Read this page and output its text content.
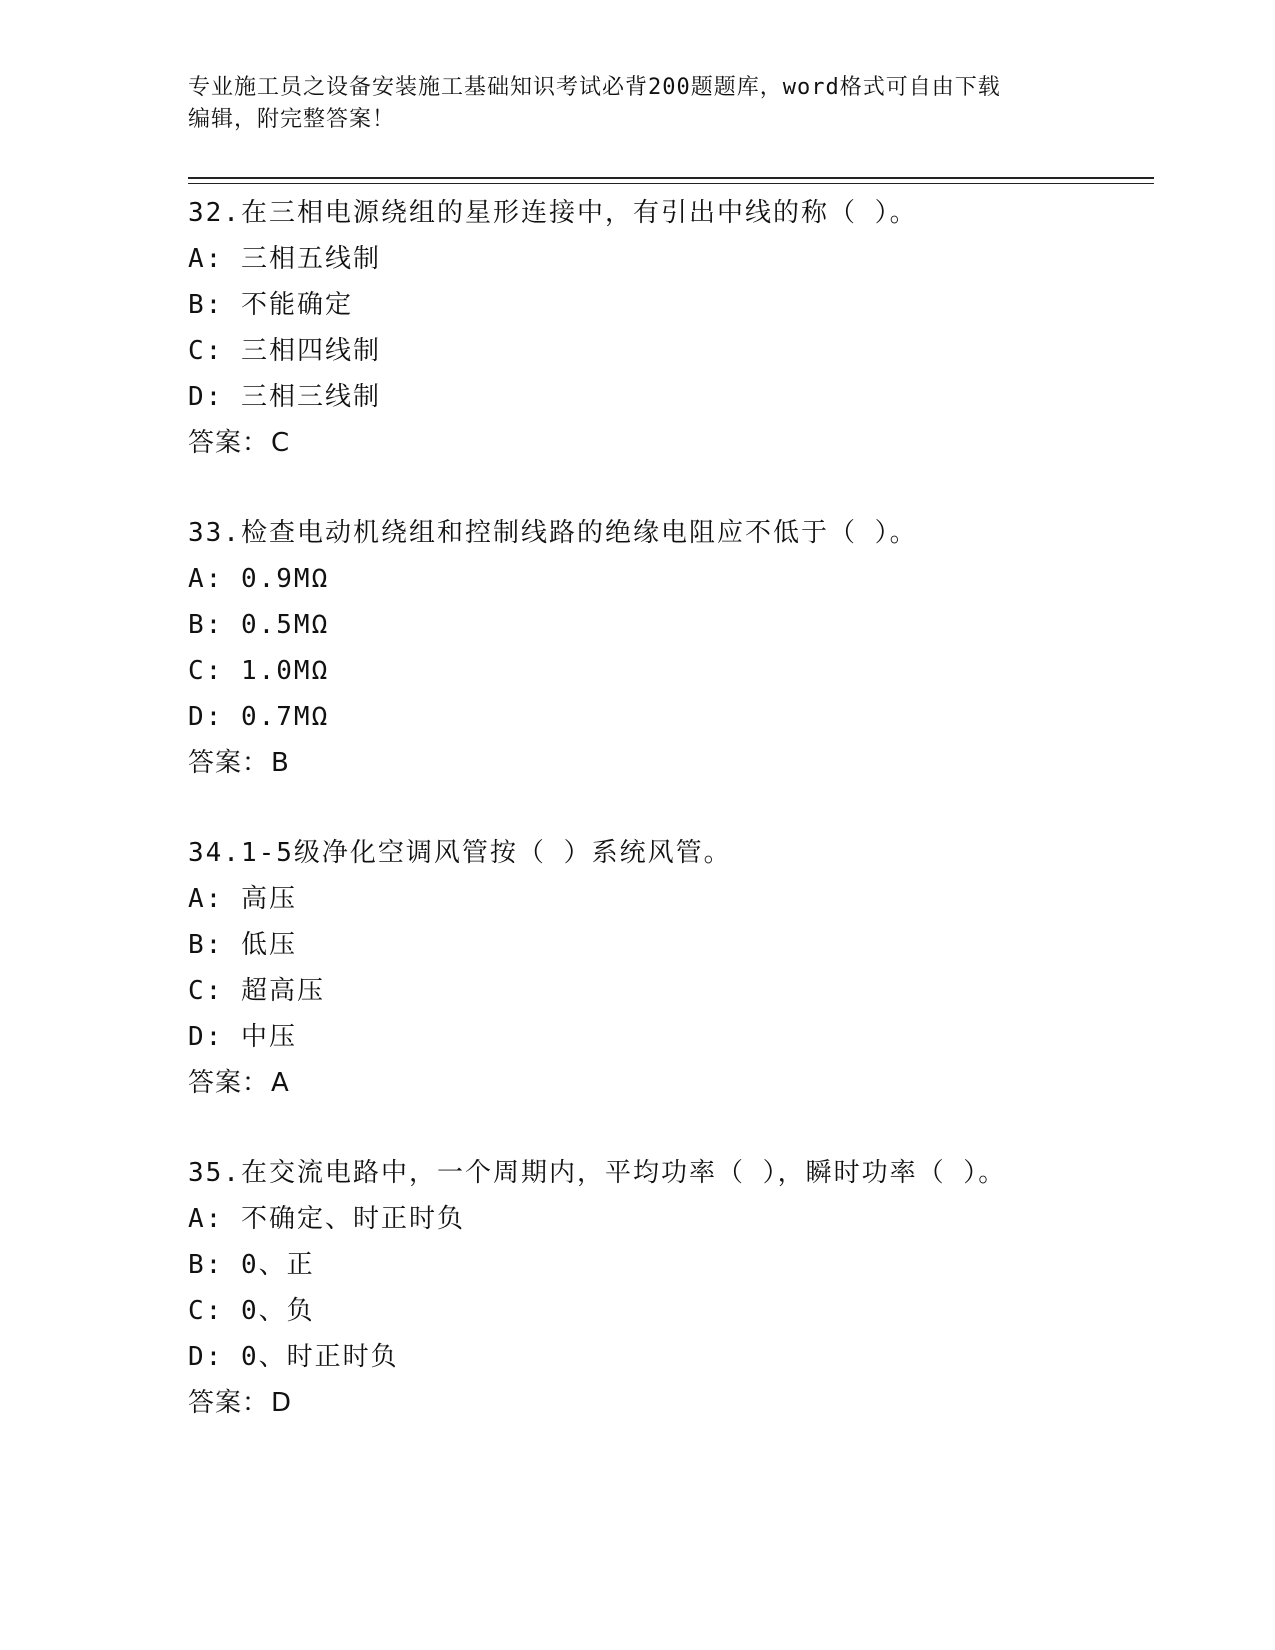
专业施工员之设备安装施工基础知识考试必背200题题库，word格式可自由下载
编辑，附完整答案！
32.在三相电源绕组的星形连接中，有引出中线的称（ ）。
A: 三相五线制
B: 不能确定
C: 三相四线制
D: 三相三线制
答案：C
33.检查电动机绕组和控制线路的绝缘电阻应不低于（ ）。
A: 0.9MΩ
B: 0.5MΩ
C: 1.0MΩ
D: 0.7MΩ
答案：B
34.1-5级净化空调风管按（ ）系统风管。
A: 高压
B: 低压
C: 超高压
D: 中压
答案：A
35.在交流电路中，一个周期内，平均功率（ ），瞬时功率（ ）。
A: 不确定、时正时负
B: 0、正
C: 0、负
D: 0、时正时负
答案：D
